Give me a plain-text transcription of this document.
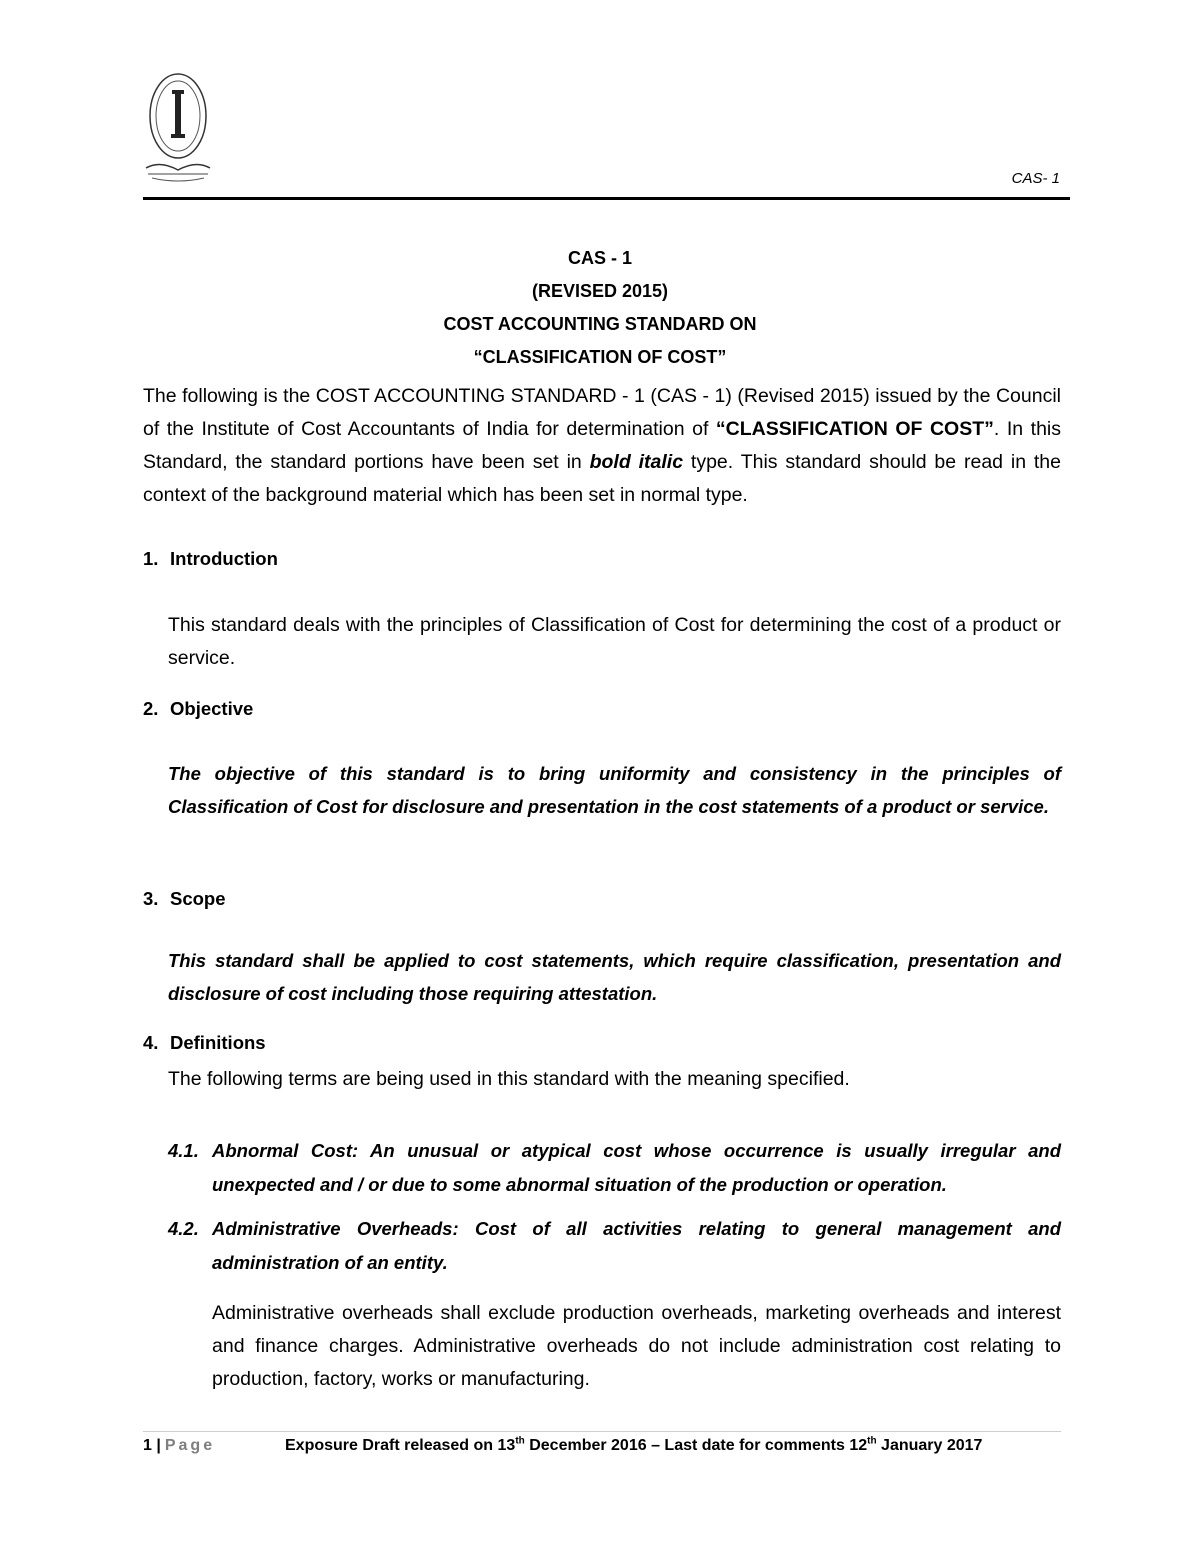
CAS- 1
CAS - 1
(REVISED 2015)
COST ACCOUNTING STANDARD ON
“CLASSIFICATION OF COST”
The following is the COST ACCOUNTING STANDARD - 1 (CAS - 1) (Revised 2015) issued by the Council of the Institute of Cost Accountants of India for determination of “CLASSIFICATION OF COST”. In this Standard, the standard portions have been set in bold italic type. This standard should be read in the context of the background material which has been set in normal type.
1. Introduction
This standard deals with the principles of Classification of Cost for determining the cost of a product or service.
2. Objective
The objective of this standard is to bring uniformity and consistency in the principles of Classification of Cost for disclosure and presentation in the cost statements of a product or service.
3. Scope
This standard shall be applied to cost statements, which require classification, presentation and disclosure of cost including those requiring attestation.
4. Definitions
The following terms are being used in this standard with the meaning specified.
4.1. Abnormal Cost: An unusual or atypical cost whose occurrence is usually irregular and unexpected and / or due to some abnormal situation of the production or operation.
4.2. Administrative Overheads: Cost of all activities relating to general management and administration of an entity.
Administrative overheads shall exclude production overheads, marketing overheads and interest and finance charges. Administrative overheads do not include administration cost relating to production, factory, works or manufacturing.
1 | Page	Exposure Draft released on 13th December 2016 – Last date for comments 12th January 2017
